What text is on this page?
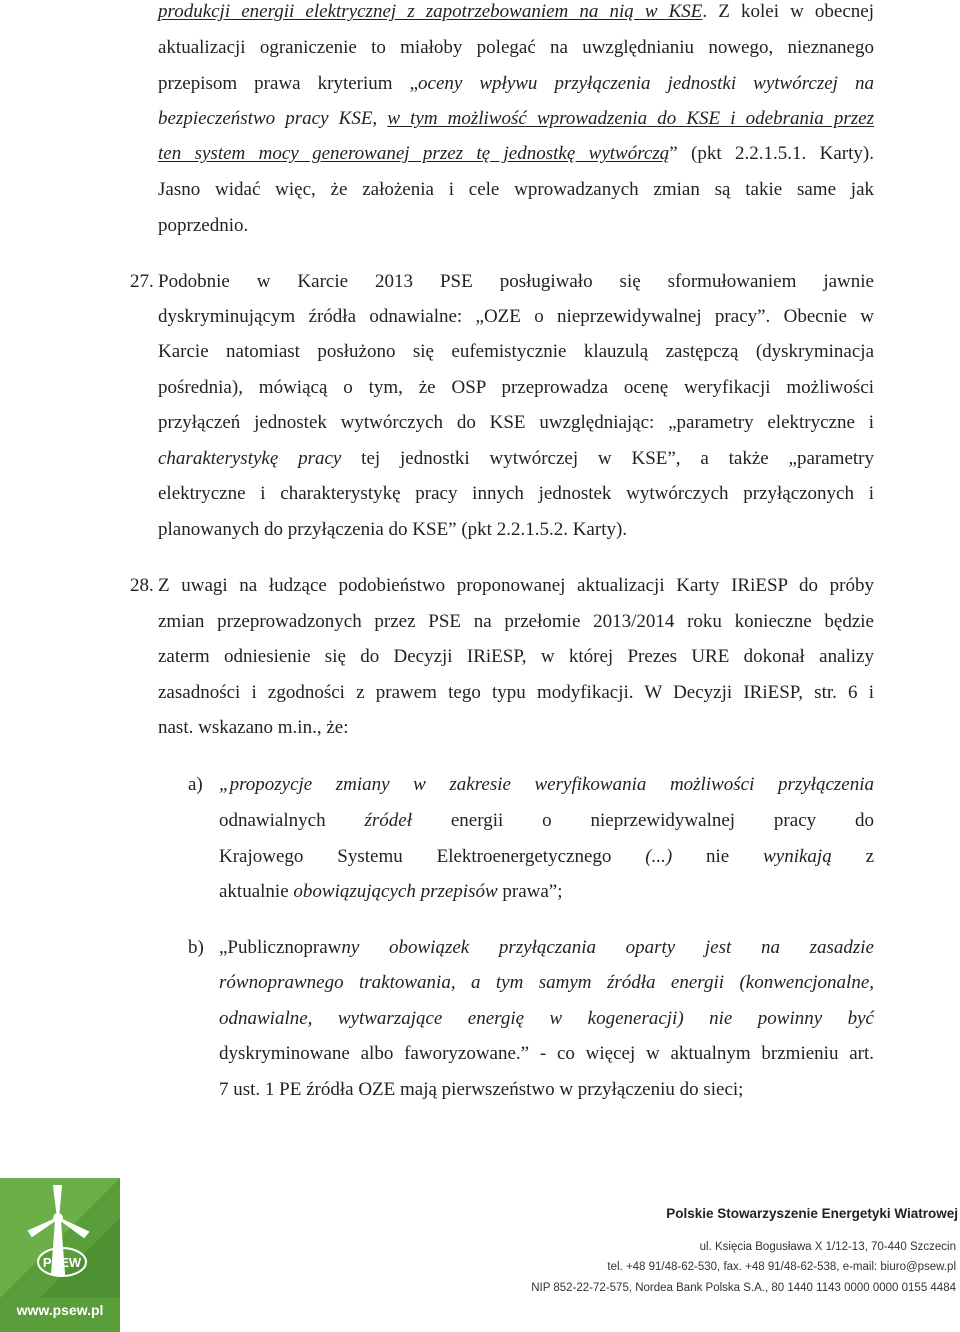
produkcji energii elektrycznej z zapotrzebowaniem na nią w KSE. Z kolei w obecnej
aktualizacji ograniczenie to miałoby polegać na uwzględnianiu nowego, nieznanego
przepisom prawa kryterium „oceny wpływu przyłączenia jednostki wytwórczej na
bezpieczeństwo pracy KSE, w tym możliwość wprowadzenia do KSE i odebrania przez
ten system mocy generowanej przez tę jednostkę wytwórczą” (pkt 2.2.1.5.1. Karty).
Jasno widać więc, że założenia i cele wprowadzanych zmian są takie same jak
poprzednio.
27. Podobnie w Karcie 2013 PSE posługiwało się sformułowaniem jawnie
dyskryminującym źródła odnawialne: „OZE o nieprzewidywalnej pracy”. Obecnie w
Karcie natomiast posłużono się eufemistycznie klauzulą zastępczą (dyskryminacja
pośrednia), mówiącą o tym, że OSP przeprowadza ocenę weryfikacji możliwości
przyłączeń jednostek wytwórczych do KSE uwzględniając: „parametry elektryczne i
charakterystykę pracy tej jednostki wytwórczej w KSE”, a także „parametry
elektryczne i charakterystykę pracy innych jednostek wytwórczych przyłączonych i
planowanych do przyłączenia do KSE” (pkt 2.2.1.5.2. Karty).
28. Z uwagi na łudzące podobieństwo proponowanej aktualizacji Karty IRiESP do próby
zmian przeprowadzonych przez PSE na przełomie 2013/2014 roku konieczne będzie
zaterm odniesienie się do Decyzji IRiESP, w której Prezes URE dokonał analizy
zasadności i zgodności z prawem tego typu modyfikacji. W Decyzji IRiESP, str. 6 i
nast. wskazano m.in., że:
a) „propozycje zmiany w zakresie weryfikowania możliwości przyłączenia
odnawialnych źródeł energii o nieprzewidywalnej pracy do
Krajowego Systemu Elektroenergetycznego (...) nie wynikają z
aktualnie obowiązujących przepisów prawa”;
b) „Publicznoprawny obowiązek przyłączania oparty jest na zasadzie
równoprawnego traktowania, a tym samym źródła energii (konwencjonalne,
odnawialne, wytwarzające energię w kogeneracji) nie powinny być
dyskryminowane albo faworyzowane.” - co więcej w aktualnym brzmieniu art.
7 ust. 1 PE źródła OZE mają pierwszeństwo w przyłączeniu do sieci;
PSEW
www.psew.pl
Polskie Stowarzyszenie Energetyki Wiatrowej
ul. Księcia Bogusława X 1/12-13, 70-440 Szczecin
tel. +48 91/48-62-530, fax. +48 91/48-62-538, e-mail: biuro@psew.pl
NIP 852-22-72-575, Nordea Bank Polska S.A., 80 1440 1143 0000 0000 0155 4484
